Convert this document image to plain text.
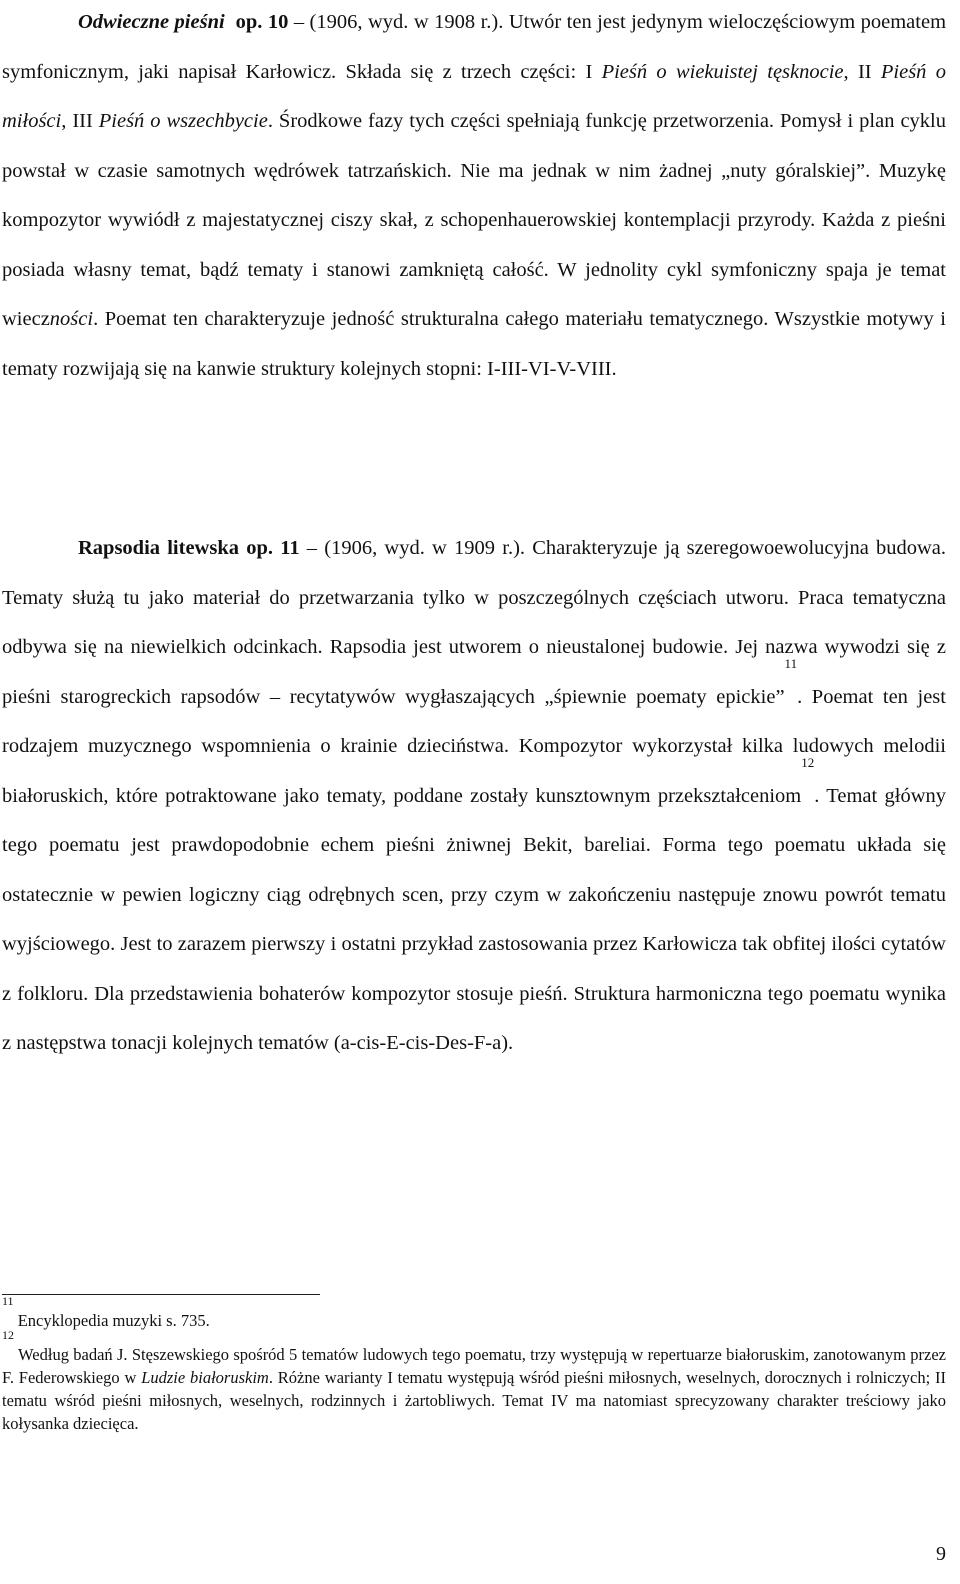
Odwieczne pieśni op. 10 – (1906, wyd. w 1908 r.). Utwór ten jest jedynym wieloczęściowym poematem symfonicznym, jaki napisał Karłowicz. Składa się z trzech części: I Pieśń o wiekuistej tęsknocie, II Pieśń o miłości, III Pieśń o wszechbycie. Środkowe fazy tych części spełniają funkcję przetworzenia. Pomysł i plan cyklu powstał w czasie samotnych wędrówek tatrzańskich. Nie ma jednak w nim żadnej „nuty góralskiej”. Muzykę kompozytor wywiódł z majestatycznej ciszy skał, z schopenhauerowskiej kontemplacji przyrody. Każda z pieśni posiada własny temat, bądź tematy i stanowi zamkniętą całość. W jednolity cykl symfoniczny spaja je temat wieczności. Poemat ten charakteryzuje jedność strukturalna całego materiału tematycznego. Wszystkie motywy i tematy rozwijają się na kanwie struktury kolejnych stopni: I-III-VI-V-VIII.

Rapsodia litewska op. 11 – (1906, wyd. w 1909 r.). Charakteryzuje ją szeregowoewolucyjna budowa. Tematy służą tu jako materiał do przetwarzania tylko w poszczególnych częściach utworu. Praca tematyczna odbywa się na niewielkich odcinkach. Rapsodia jest utworem o nieustalonej budowie. Jej nazwa wywodzi się z pieśni starogreckich rapsodów – recytatywów wygłaszających „śpiewnie poematy epickie”$^{11}$. Poemat ten jest rodzajem muzycznego wspomnienia o krainie dzieciństwa. Kompozytor wykorzystał kilka ludowych melodii białoruskich, które potraktowane jako tematy, poddane zostały kunsztownym przekształceniom$^{12}$. Temat główny tego poematu jest prawdopodobnie echem pieśni żniwnej Bekit, bareliai. Forma tego poematu układa się ostatecznie w pewien logiczny ciąg odrębnych scen, przy czym w zakończeniu następuje znowu powrót tematu wyjściowego. Jest to zarazem pierwszy i ostatni przykład zastosowania przez Karłowicza tak obfitej ilości cytatów z folkloru. Dla przedstawienia bohaterów kompozytor stosuje pieśń. Struktura harmoniczna tego poematu wynika z następstwa tonacji kolejnych tematów (a-cis-E-cis-Des-F-a).

$^{11}$ Encyklopedia muzyki s. 735.

$^{12}$ Według badań J. Stęszewskiego spośród 5 tematów ludowych tego poematu, trzy występują w repertuarze białoruskim, zanotowanym przez F. Federowskiego w Ludzie białoruskim. Różne warianty I tematu występują wśród pieśni miłosnych, weselnych, dorocznych i rolniczych; II tematu wśród pieśni miłosnych, weselnych, rodzinnych i żartobliwych. Temat IV ma natomiast sprecyzowany charakter treściowy jako kołysanka dziecięca.

9
